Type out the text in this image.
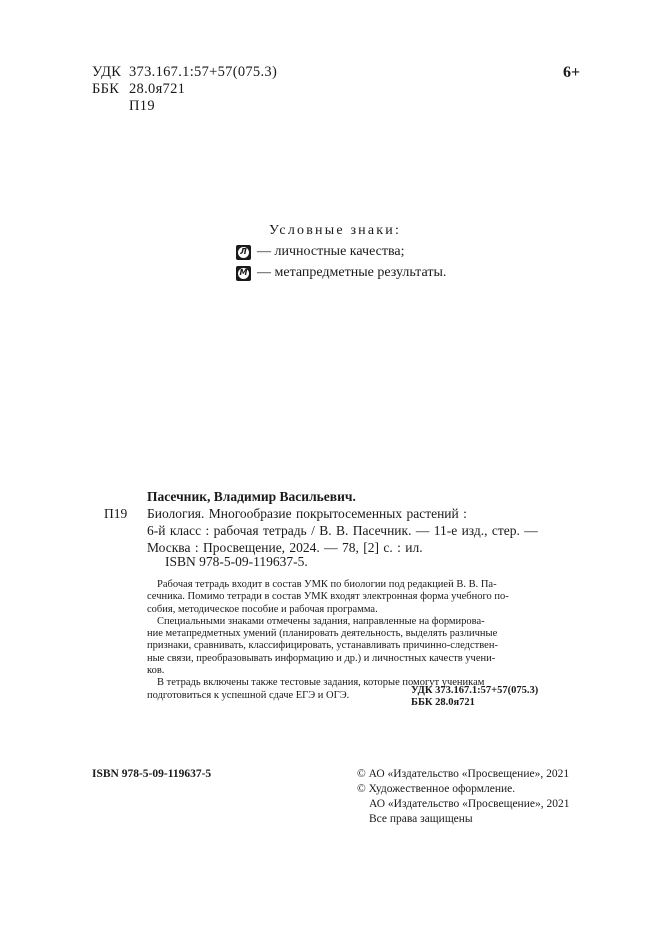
УДК 373.167.1:57+57(075.3)
ББК 28.0я721
П19
6+
Условные знаки:
Л — личностные качества;
М — метапредметные результаты.
Пасечник, Владимир Васильевич.
П19 Биология. Многообразие покрытосеменных растений :
6-й класс : рабочая тетрадь / В. В. Пасечник. — 11-е изд., стер. —
Москва : Просвещение, 2024. — 78, [2] с. : ил.
ISBN 978-5-09-119637-5.
Рабочая тетрадь входит в состав УМК по биологии под редакцией В. В. Па-
сечника. Помимо тетради в состав УМК входят электронная форма учебного по-
собия, методическое пособие и рабочая программа.
Специальными знаками отмечены задания, направленные на формирова-
ние метапредметных умений (планировать деятельность, выделять различные
признаки, сравнивать, классифицировать, устанавливать причинно-следствен-
ные связи, преобразовывать информацию и др.) и личностных качеств учени-
ков.
В тетрадь включены также тестовые задания, которые помогут ученикам
подготовиться к успешной сдаче ЕГЭ и ОГЭ.	УДК 373.167.1:57+57(075.3)
ББК 28.0я721
ISBN 978-5-09-119637-5	© АО «Издательство «Просвещение», 2021
© Художественное оформление.
АО «Издательство «Просвещение», 2021
Все права защищены
